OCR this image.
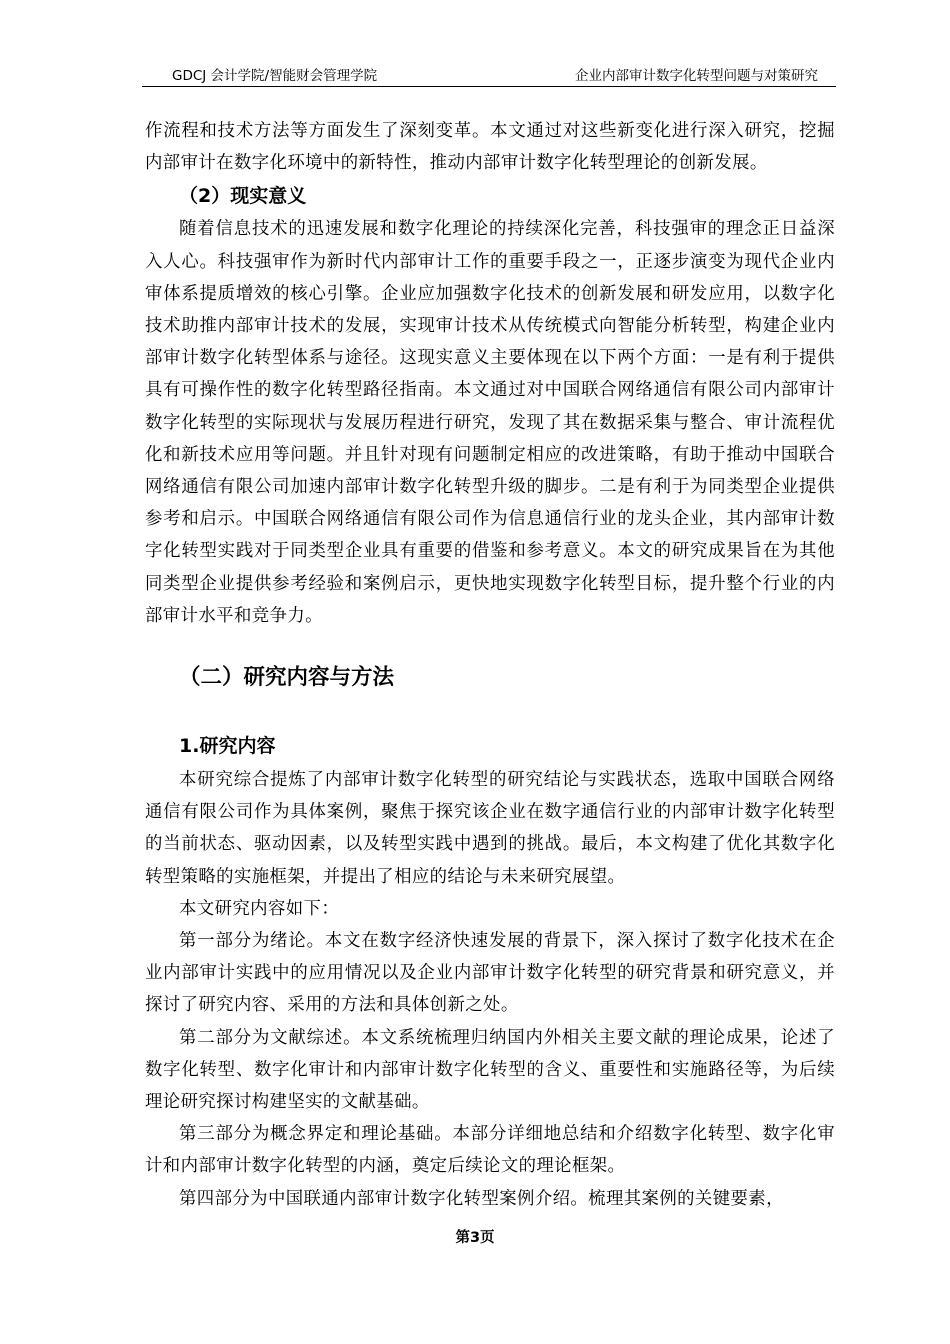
GDCJ 会计学院/智能财会管理学院	企业内部审计数字化转型问题与对策研究

作流程和技术方法等方面发生了深刻变革。本文通过对这些新变化进行深入研究，挖掘内部审计在数字化环境中的新特性，推动内部审计数字化转型理论的创新发展。

（2）现实意义

随着信息技术的迅速发展和数字化理论的持续深化完善，科技强审的理念正日益深入人心。科技强审作为新时代内部审计工作的重要手段之一，正逐步演变为现代企业内审体系提质增效的核心引擎。企业应加强数字化技术的创新发展和研发应用，以数字化技术助推内部审计技术的发展，实现审计技术从传统模式向智能分析转型，构建企业内部审计数字化转型体系与途径。这现实意义主要体现在以下两个方面：一是有利于提供具有可操作性的数字化转型路径指南。本文通过对中国联合网络通信有限公司内部审计数字化转型的实际现状与发展历程进行研究，发现了其在数据采集与整合、审计流程优化和新技术应用等问题。并且针对现有问题制定相应的改进策略，有助于推动中国联合网络通信有限公司加速内部审计数字化转型升级的脚步。二是有利于为同类型企业提供参考和启示。中国联合网络通信有限公司作为信息通信行业的龙头企业，其内部审计数字化转型实践对于同类型企业具有重要的借鉴和参考意义。本文的研究成果旨在为其他同类型企业提供参考经验和案例启示，更快地实现数字化转型目标，提升整个行业的内部审计水平和竞争力。

（二）研究内容与方法
1.研究内容

本研究综合提炼了内部审计数字化转型的研究结论与实践状态，选取中国联合网络通信有限公司作为具体案例，聚焦于探究该企业在数字通信行业的内部审计数字化转型的当前状态、驱动因素，以及转型实践中遇到的挑战。最后，本文构建了优化其数字化转型策略的实施框架，并提出了相应的结论与未来研究展望。

本文研究内容如下：

第一部分为绪论。本文在数字经济快速发展的背景下，深入探讨了数字化技术在企业内部审计实践中的应用情况以及企业内部审计数字化转型的研究背景和研究意义，并探讨了研究内容、采用的方法和具体创新之处。

第二部分为文献综述。本文系统梳理归纳国内外相关主要文献的理论成果，论述了数字化转型、数字化审计和内部审计数字化转型的含义、重要性和实施路径等，为后续理论研究探讨构建坚实的文献基础。

第三部分为概念界定和理论基础。本部分详细地总结和介绍数字化转型、数字化审计和内部审计数字化转型的内涵，奠定后续论文的理论框架。

第四部分为中国联通内部审计数字化转型案例介绍。梳理其案例的关键要素，

第3页
